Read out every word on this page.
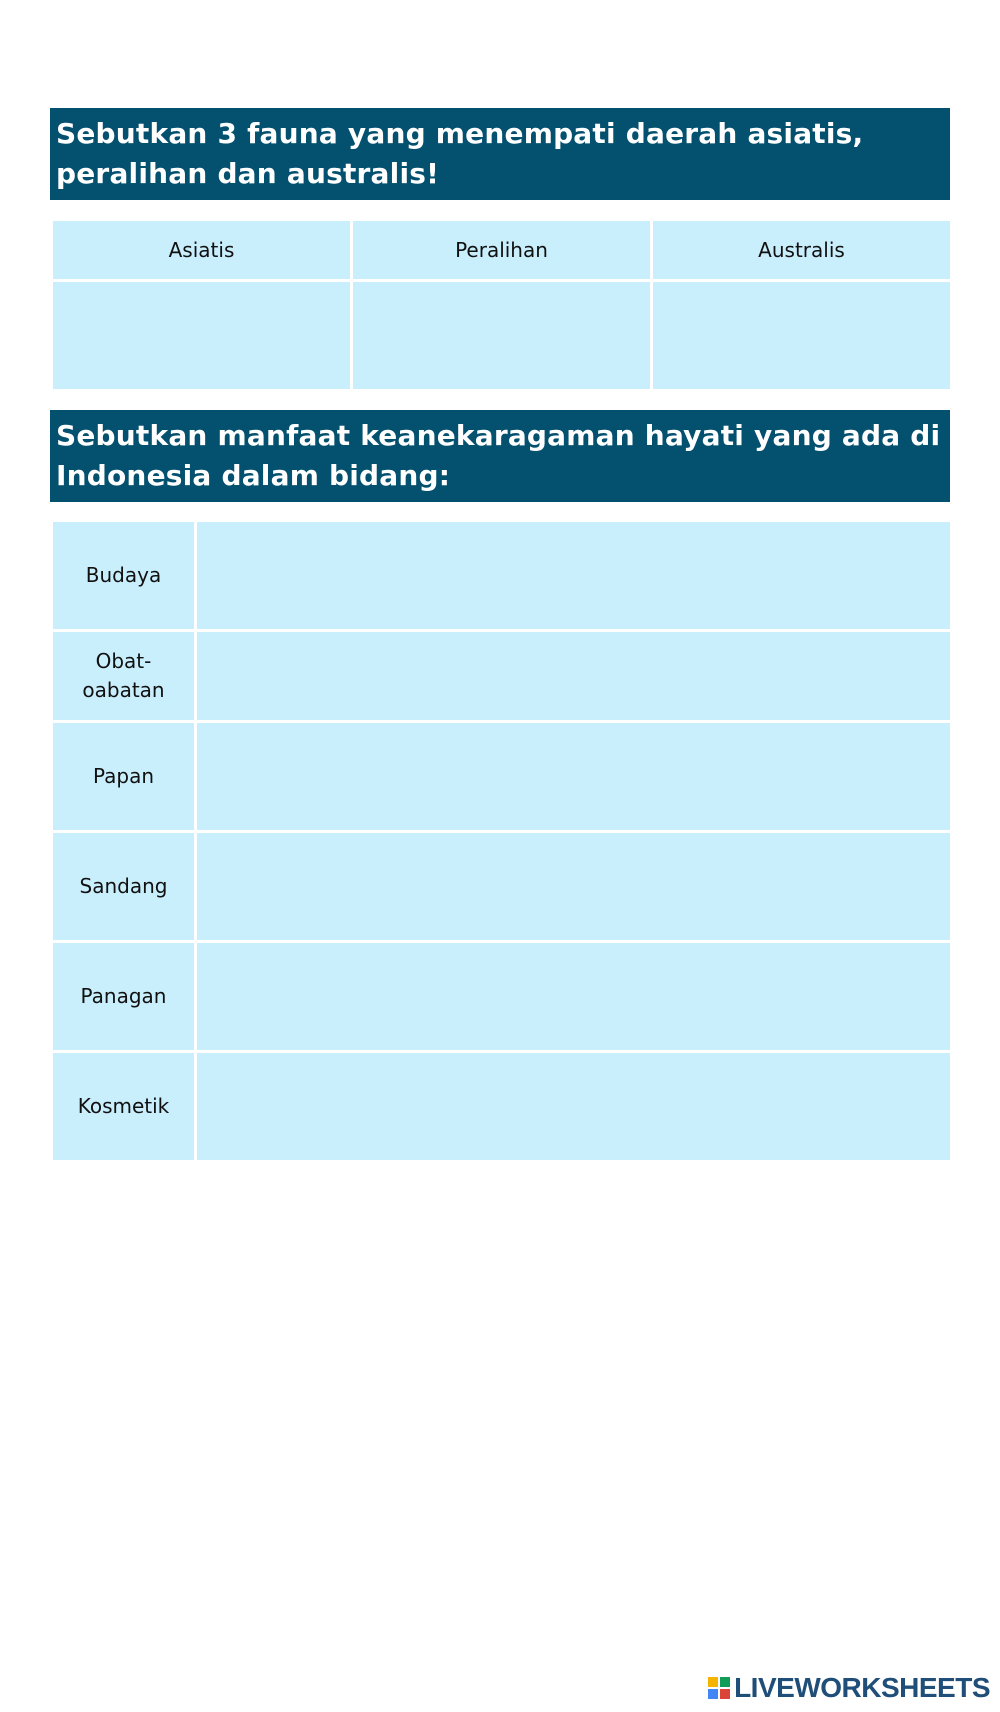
Sebutkan 3 fauna yang menempati daerah asiatis, peralihan dan australis!
Asiatis	Peralihan	Australis

Sebutkan manfaat keanekaragaman hayati yang ada di Indonesia dalam bidang:
Budaya	
Obat-oabatan	
Papan	
Sandang	
Panagan	
Kosmetik	
LIVEWORKSHEETS
